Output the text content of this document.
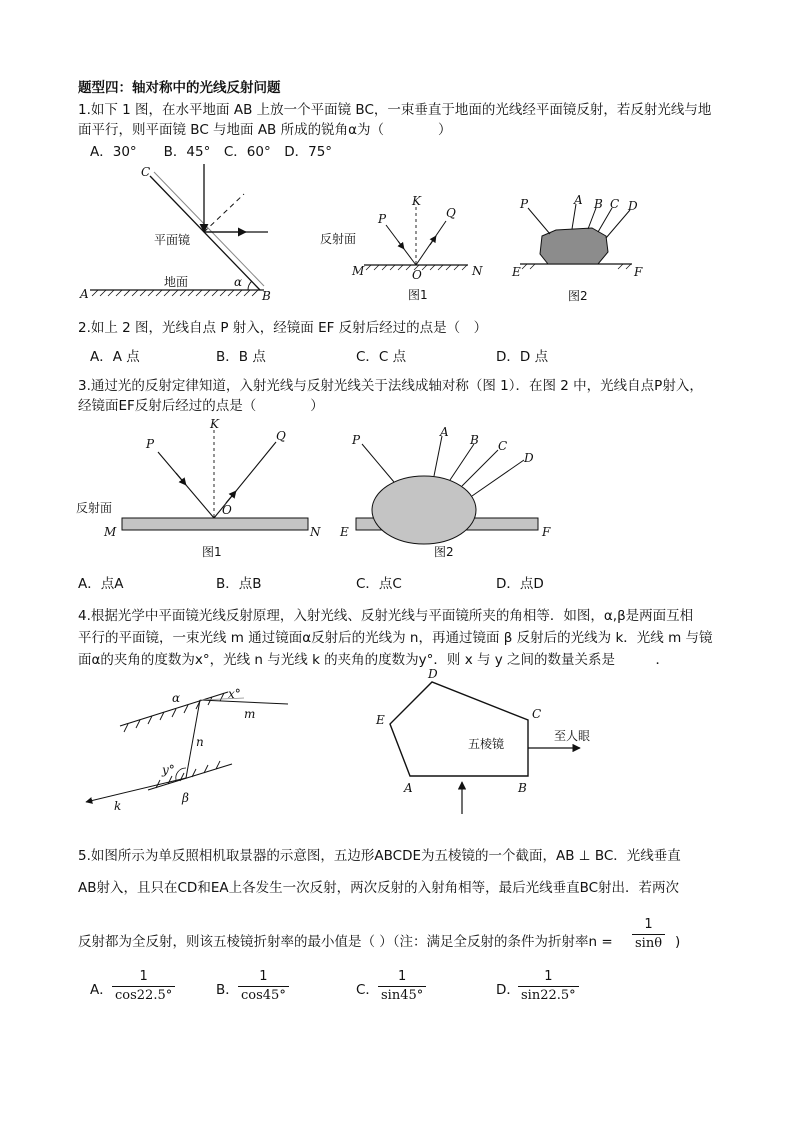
题型四：轴对称中的光线反射问题
1.如下 1 图，在水平地面 AB 上放一个平面镜 BC，一束垂直于地面的光线经平面镜反射，若反射光线与地
面平行，则平面镜 BC 与地面 AB 所成的锐角α为（　　　　）
A．30°　　B．45°　C．60°　D．75°
C
平面镜
地面	α
A	B
P
K
Q
反射面
M	O	N
图1
P	A B C D
E	F
图2
2.如上 2 图，光线自点 P 射入，经镜面 EF 反射后经过的点是（　）
A．A 点	B．B 点	C．C 点	D．D 点
3.通过光的反射定律知道，入射光线与反射光线关于法线成轴对称（图 1）．在图 2 中，光线自点P射入，
经镜面EF反射后经过的点是（　　　　）
P
K
Q
反射面	O
M	N
图1
P
A
B C
D
E	F
图2
A．点A	B．点B	C．点C	D．点D
4.根据光学中平面镜光线反射原理，入射光线、反射光线与平面镜所夹的角相等．如图，α,β是两面互相
平行的平面镜，一束光线 m 通过镜面α反射后的光线为 n，再通过镜面 β 反射后的光线为 k．光线 m 与镜
面α的夹角的度数为x°，光线 n 与光线 k 的夹角的度数为y°．则 x 与 y 之间的数量关系是　　　．
α	x°
m
n
y°
β
k
D
C
E
五棱镜
至人眼
A	B
5.如图所示为单反照相机取景器的示意图，五边形ABCDE为五棱镜的一个截面，AB ⊥ BC．光线垂直
AB射入，且只在CD和EA上各发生一次反射，两次反射的入射角相等，最后光线垂直BC射出．若两次
反射都为全反射，则该五棱镜折射率的最小值是（ ）（注：满足全反射的条件为折射率$n = \frac{1}{\sin\theta}$ )
A． $\frac{1}{\cos 22.5^\circ}$	B． $\frac{1}{\cos 45^\circ}$	C． $\frac{1}{\sin 45^\circ}$	D．
$\frac{1}{\sin 22.5^\circ}$
